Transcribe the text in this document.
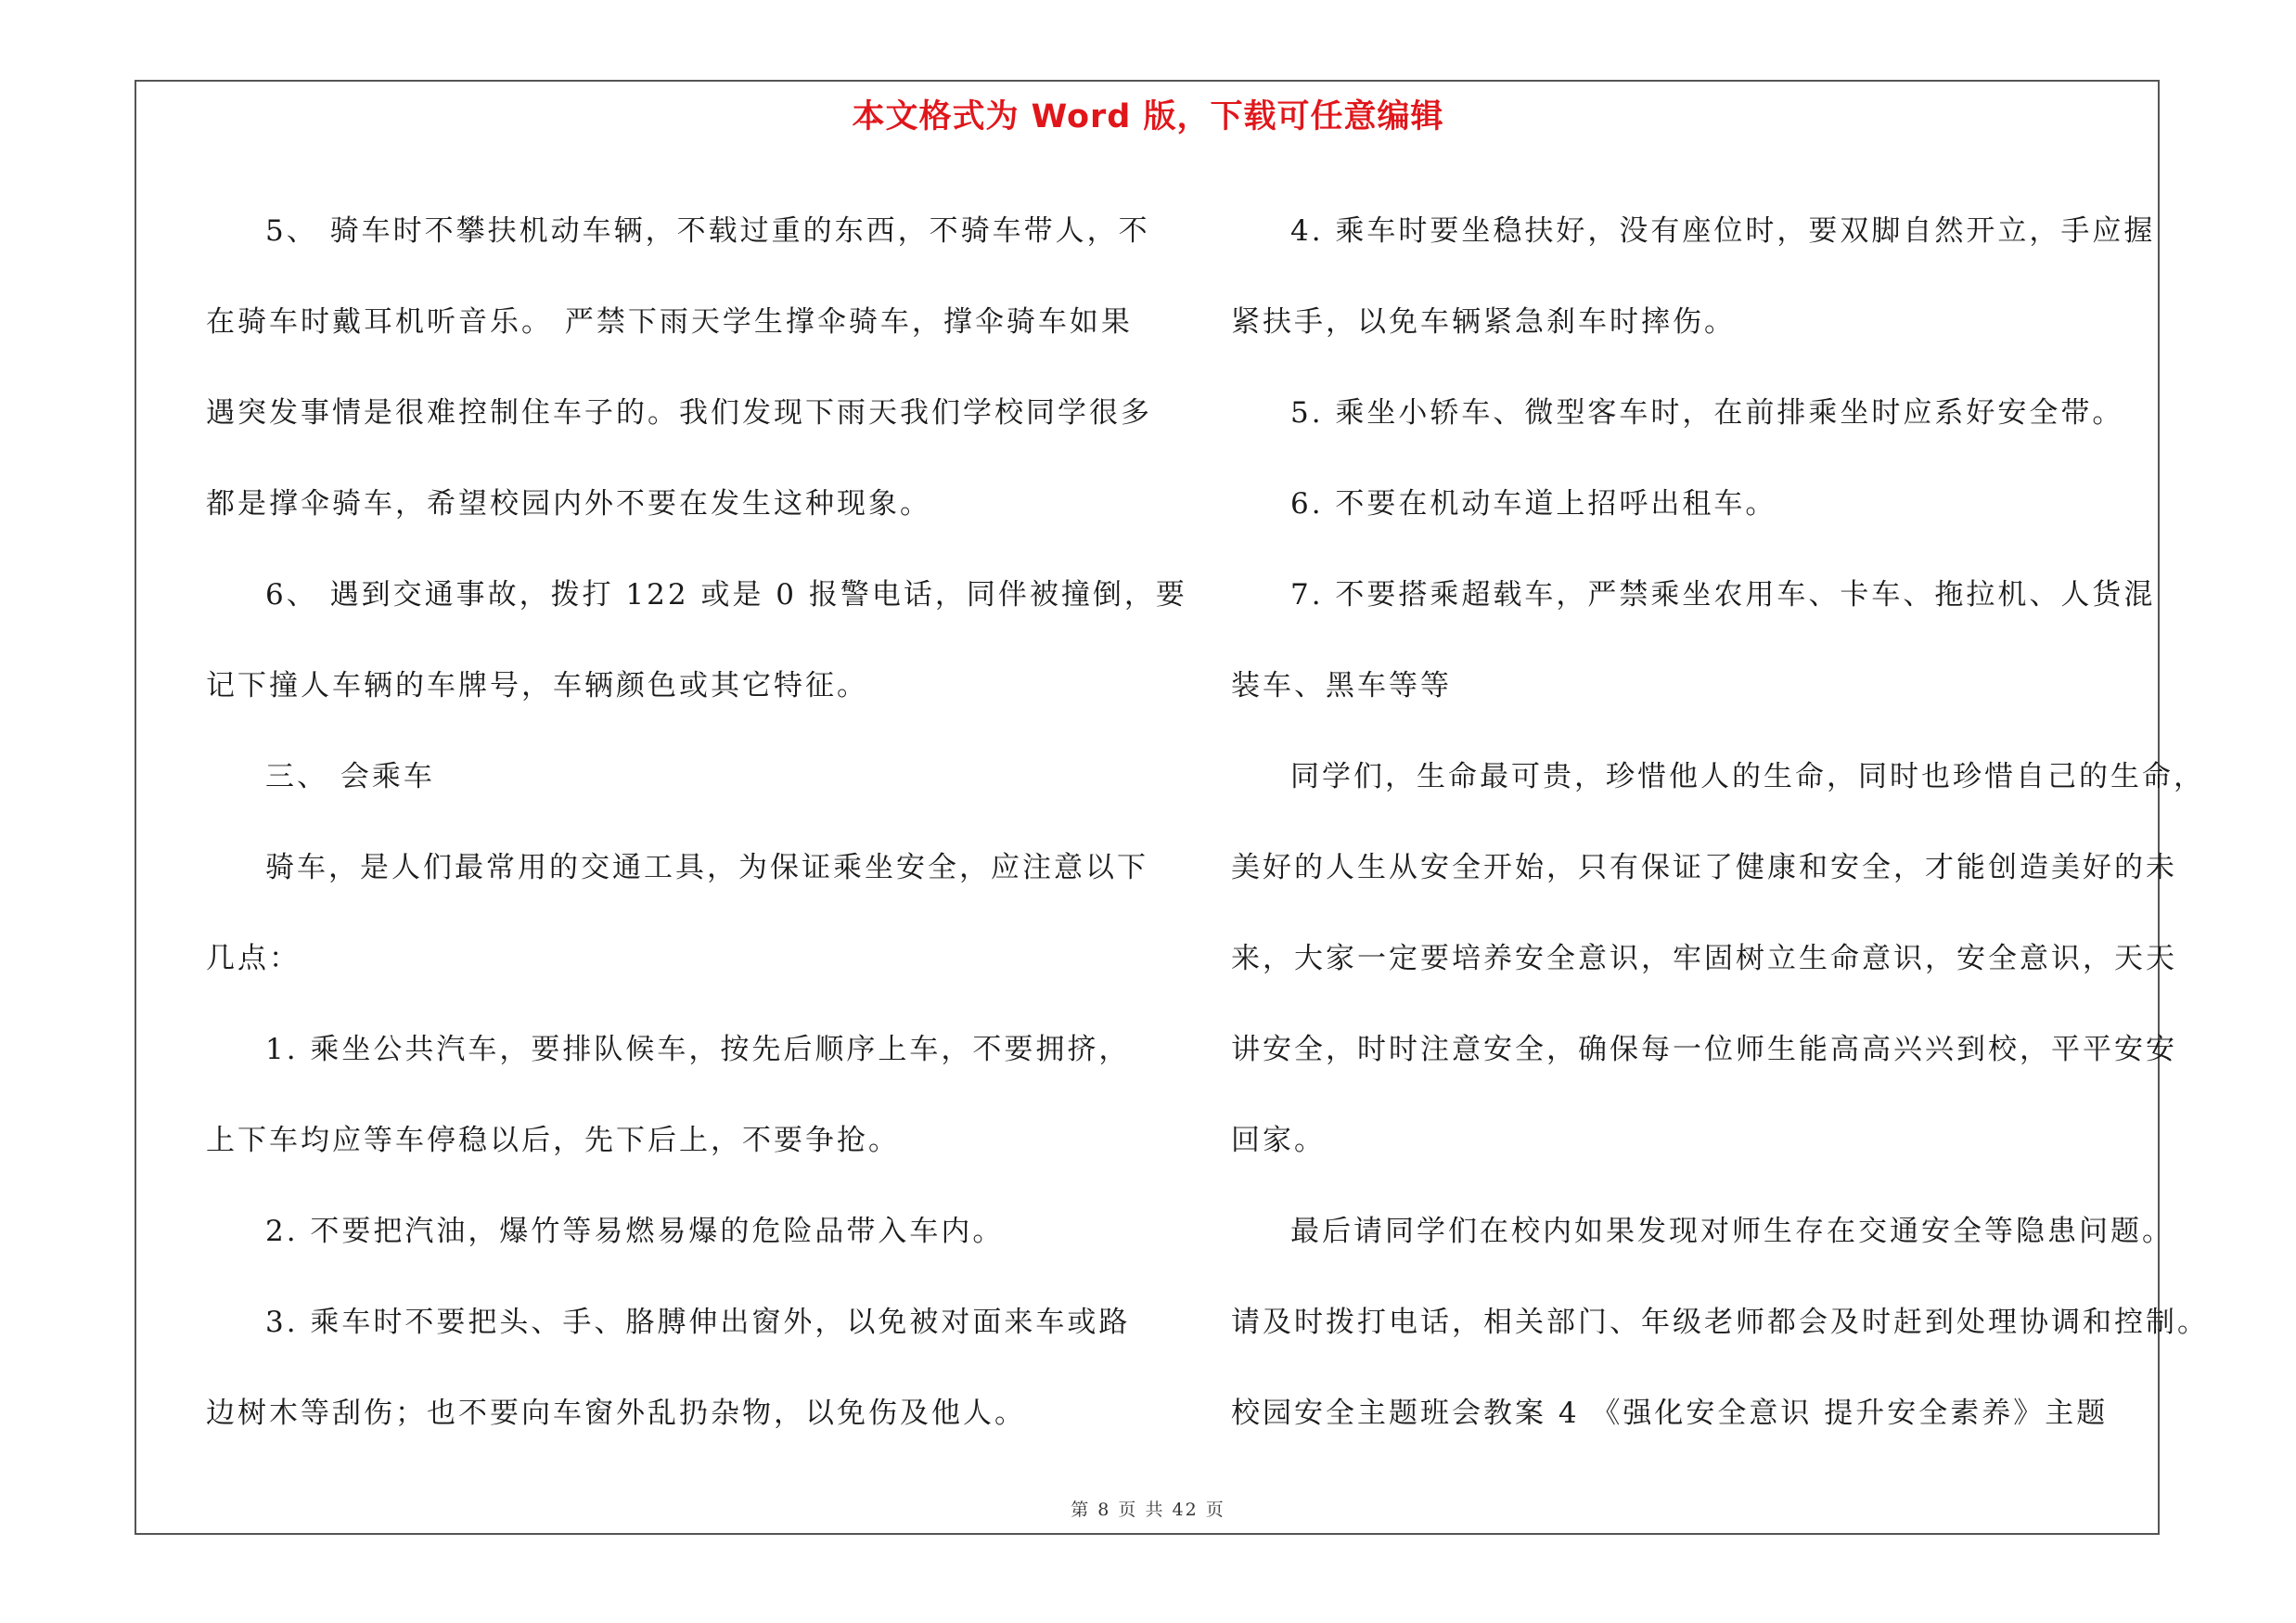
本文格式为 Word 版，下载可任意编辑

5、 骑车时不攀扶机动车辆，不载过重的东西，不骑车带人，不

在骑车时戴耳机听音乐。 严禁下雨天学生撑伞骑车，撑伞骑车如果

遇突发事情是很难控制住车子的。我们发现下雨天我们学校同学很多

都是撑伞骑车，希望校园内外不要在发生这种现象。

6、 遇到交通事故，拨打 122 或是 0 报警电话，同伴被撞倒，要

记下撞人车辆的车牌号，车辆颜色或其它特征。

三、 会乘车

骑车，是人们最常用的交通工具，为保证乘坐安全，应注意以下

几点：

1. 乘坐公共汽车，要排队候车，按先后顺序上车，不要拥挤，

上下车均应等车停稳以后，先下后上，不要争抢。

2. 不要把汽油，爆竹等易燃易爆的危险品带入车内。

3. 乘车时不要把头、手、胳膊伸出窗外，以免被对面来车或路

边树木等刮伤；也不要向车窗外乱扔杂物，以免伤及他人。

4. 乘车时要坐稳扶好，没有座位时，要双脚自然开立，手应握

紧扶手，以免车辆紧急刹车时摔伤。

5. 乘坐小轿车、微型客车时，在前排乘坐时应系好安全带。

6. 不要在机动车道上招呼出租车。

7. 不要搭乘超载车，严禁乘坐农用车、卡车、拖拉机、人货混

装车、黑车等等

同学们，生命最可贵，珍惜他人的生命，同时也珍惜自己的生命，

美好的人生从安全开始，只有保证了健康和安全，才能创造美好的未

来，大家一定要培养安全意识，牢固树立生命意识，安全意识，天天

讲安全，时时注意安全，确保每一位师生能高高兴兴到校，平平安安

回家。

最后请同学们在校内如果发现对师生存在交通安全等隐患问题。

请及时拨打电话，相关部门、年级老师都会及时赶到处理协调和控制。

校园安全主题班会教案 4 《强化安全意识 提升安全素养》主题

第 8 页 共 42 页
